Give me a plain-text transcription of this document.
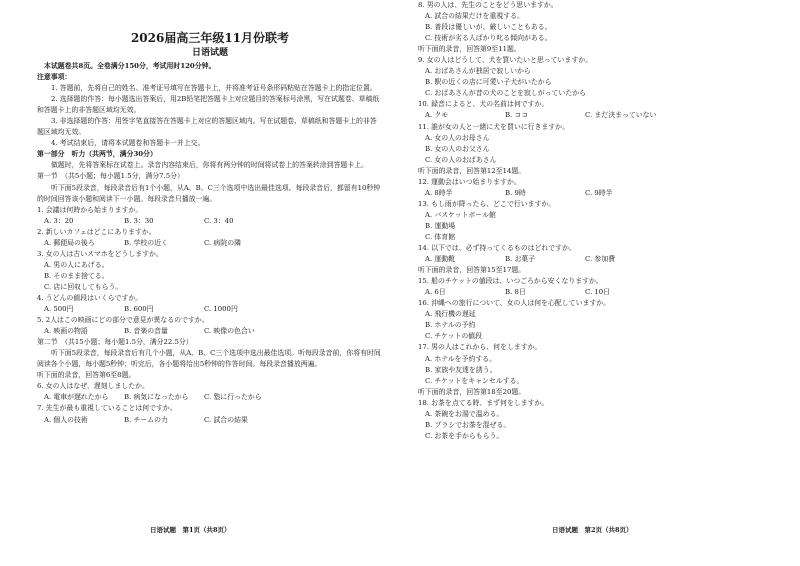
2026届高三年级11月份联考
日语试题
本试题卷共8页。全卷满分150分，考试用时120分钟。
注意事项：
1. 答题前，先将自己的姓名、准考证号填写在答题卡上，并将准考证号条形码粘贴在答题卡上的指定位置。
2. 选择题的作答：每小题选出答案后，用2B铅笔把答题卡上对应题目的答案标号涂黑，写在试题卷、草稿纸和答题卡上的非答题区域均无效。
3. 非选择题的作答：用签字笔直接答在答题卡上对应的答题区域内。写在试题卷、草稿纸和答题卡上的非答题区域均无效。
4. 考试结束后，请将本试题卷和答题卡一并上交。
第一部分　听力（共两节，满分30分）
做题时，先将答案标在试卷上。录音内容结束后，你将有两分钟的时间将试卷上的答案转涂到答题卡上。
第一节　（共5小题；每小题1.5分，满分7.5分）
听下面5段录音，每段录音后有1个小题，从A、B、C三个选项中选出最佳选项。每段录音后，都留有10秒钟的时间回答该小题和阅读下一小题。每段录音只播放一遍。
1. 会議は何時から始まりますか。
A. 3：20	B. 3：30	C. 3：40
2. 新しいカフェはどこにありますか。
A. 郵便局の後ろ	B. 学校の近く	C. 病院の隣
3. 女の人は古いスマホをどうしますか。
A. 男の人にあげる。
B. そのまま捨てる。
C. 店に回収してもらう。
4. うどんの値段はいくらですか。
A. 500円	B. 600円	C. 1000円
5. 2人はこの映画にどの部分で意見が異なるのですか。
A. 映画の物語	B. 音楽の音量	C. 映像の色合い
第二节　（共15小题；每小题1.5分，满分22.5分）
听下面5段录音，每段录音后有几个小题，从A、B、C三个选项中选出最佳选项。听每段录音前，你将有时间阅读各个小题，每小题5秒钟；听完后，各小题将给出5秒钟的作答时间。每段录音播放两遍。
听下面的录音，回答第6至8题。
6. 女の人はなぜ、遅刻しましたか。
A. 電車が遅れたから	B. 病気になったから	C. 塾に行ったから
7. 先生が最も重視していることは何ですか。
A. 個人の技術	B. チームの力	C. 試合の結果
日语试题　第1页（共8页）
8. 男の人は、先生のことをどう思いますか。
A. 試合の結果だけを重視する。
B. 普段は優しいが、厳しいこともある。
C. 技術が劣る人ばかり叱る傾向がある。
听下面的录音，回答第9至11题。
9. 女の人はどうして、犬を買いたいと思っていますか。
A. おばあさんが独居で寂しいから
B. 駅の近くの店に可愛い子犬がいたから
C. おばあさんが昔の犬のことを寂しがっていたから
10. 録音によると、犬の名前は何ですか。
A. クモ	B. ココ	C. まだ決まっていない
11. 誰が女の人と一緒に犬を買いに行きますか。
A. 女の人のお母さん
B. 女の人のお父さん
C. 女の人のおばあさん
听下面的录音，回答第12至14题。
12. 運動会はいつ始まりますか。
A. 8時半	B. 9時	C. 9時半
13. もし雨が降ったら、どこで行いますか。
A. バスケットボール館
B. 運動場
C. 体育館
14. 以下では、必ず持ってくるものはどれですか。
A. 運動靴	B. お菓子	C. 参加費
听下面的录音，回答第15至17题。
15. 船のチケットの値段は、いつごろから安くなりますか。
A. 6日	B. 8日	C. 10日
16. 沖縄への旅行について、女の人は何を心配していますか。
A. 飛行機の遅延
B. ホテルの予約
C. チケットの値段
17. 男の人はこれから、何をしますか。
A. ホテルを予約する。
B. 家族や友達を誘う。
C. チケットをキャンセルする。
听下面的录音，回答第18至20题。
18. お茶を点てる時、まず何をしますか。
A. 茶碗をお湯で温める。
B. ブラシでお茶を混ぜる。
C. お茶を手からもらう。
日语试题　第2页（共8页）
